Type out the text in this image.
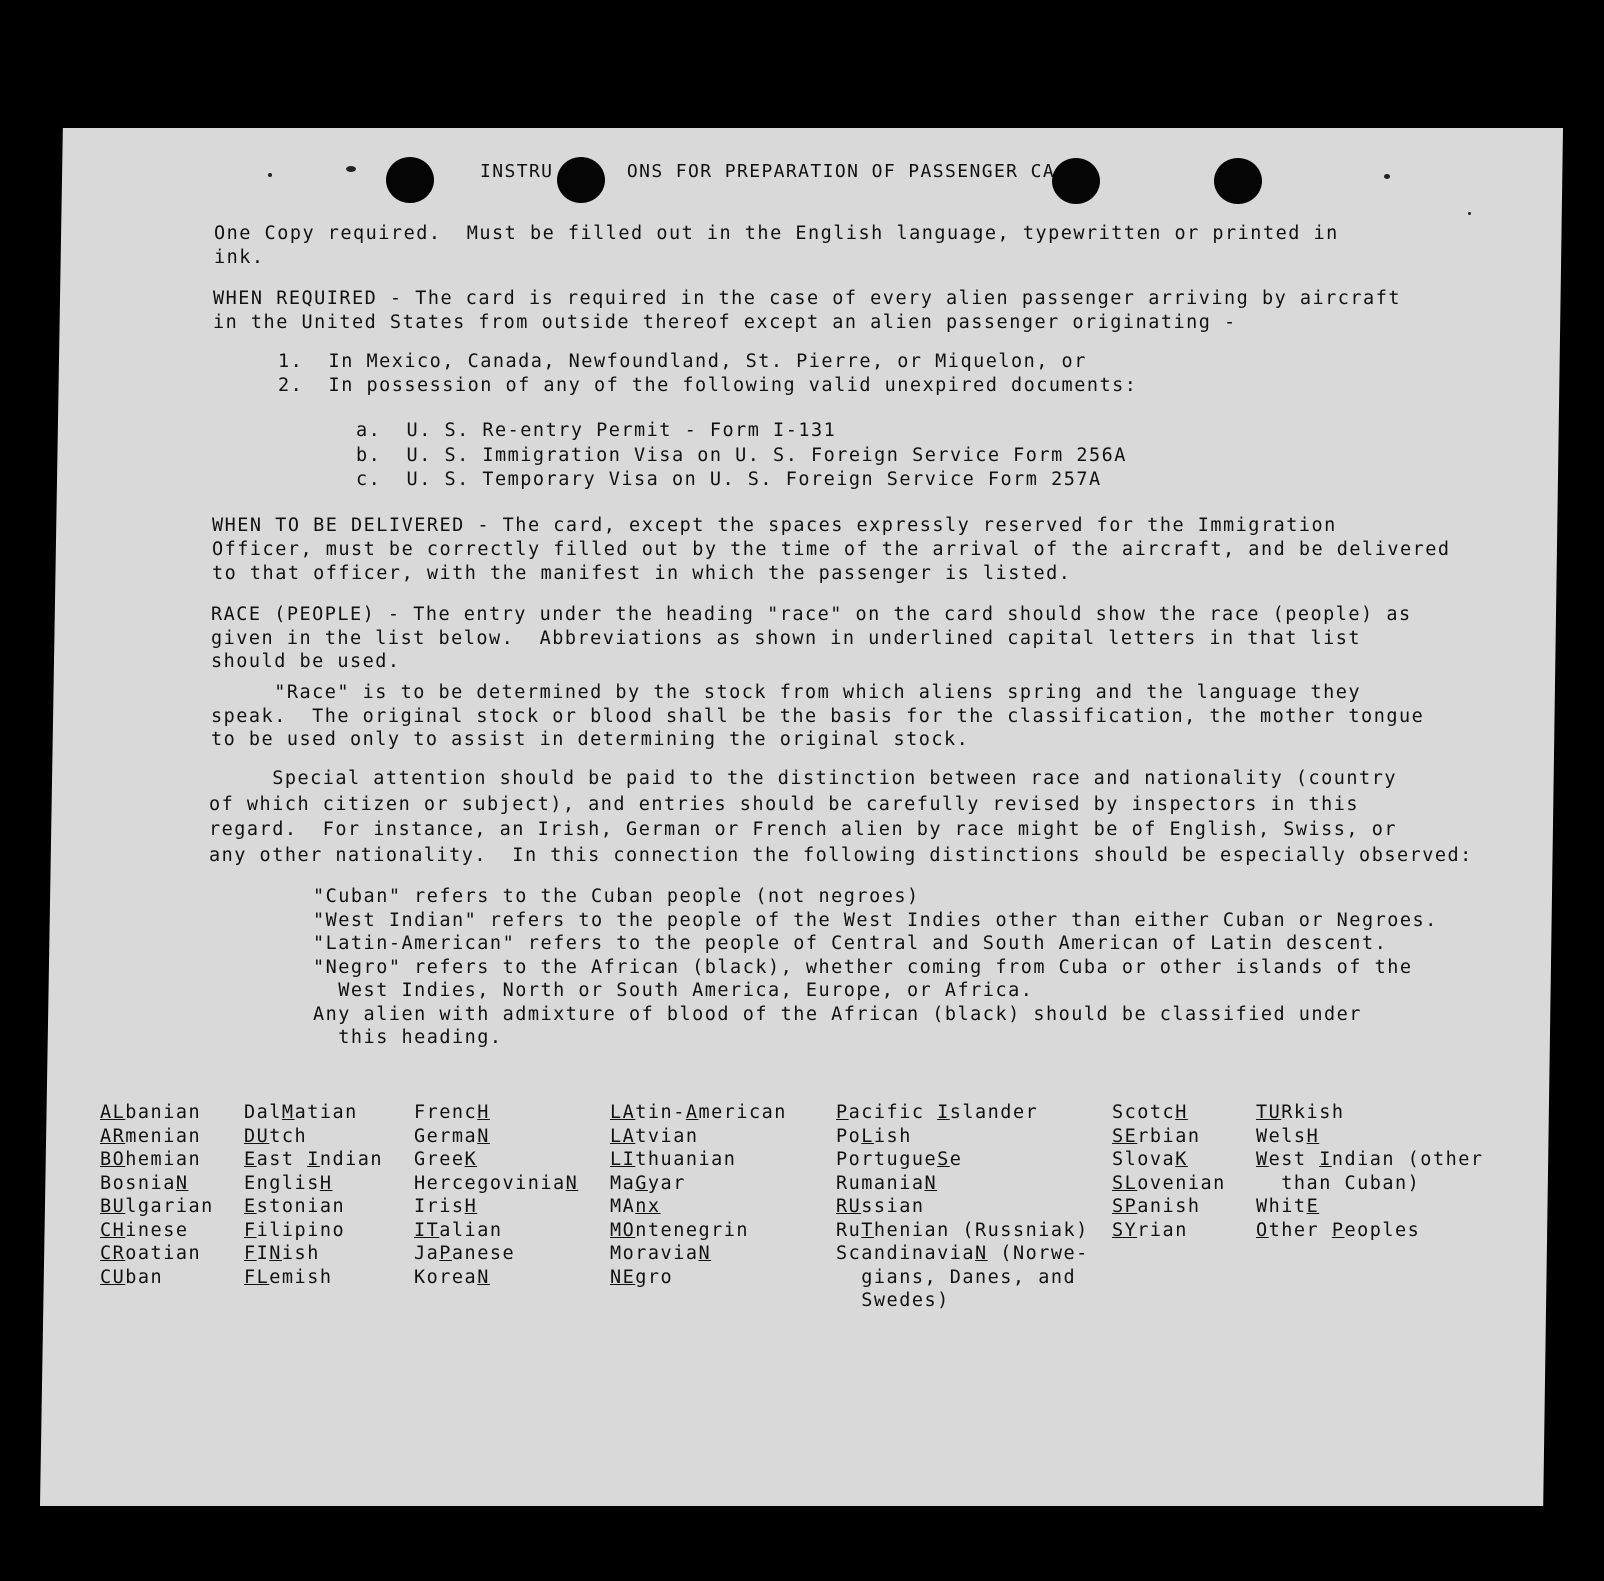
INSTRU      ONS FOR PREPARATION OF PASSENGER CA
One Copy required.  Must be filled out in the English language, typewritten or printed in
ink.
WHEN REQUIRED - The card is required in the case of every alien passenger arriving by aircraft
in the United States from outside thereof except an alien passenger originating -
1.  In Mexico, Canada, Newfoundland, St. Pierre, or Miquelon, or
2.  In possession of any of the following valid unexpired documents:
a.  U. S. Re-entry Permit - Form I-131
b.  U. S. Immigration Visa on U. S. Foreign Service Form 256A
c.  U. S. Temporary Visa on U. S. Foreign Service Form 257A
WHEN TO BE DELIVERED - The card, except the spaces expressly reserved for the Immigration
Officer, must be correctly filled out by the time of the arrival of the aircraft, and be delivered
to that officer, with the manifest in which the passenger is listed.
RACE (PEOPLE) - The entry under the heading "race" on the card should show the race (people) as
given in the list below.  Abbreviations as shown in underlined capital letters in that list
should be used.
"Race" is to be determined by the stock from which aliens spring and the language they
speak.  The original stock or blood shall be the basis for the classification, the mother tongue
to be used only to assist in determining the original stock.
Special attention should be paid to the distinction between race and nationality (country
of which citizen or subject), and entries should be carefully revised by inspectors in this
regard.  For instance, an Irish, German or French alien by race might be of English, Swiss, or
any other nationality.  In this connection the following distinctions should be especially observed:
"Cuban" refers to the Cuban people (not negroes)
"West Indian" refers to the people of the West Indies other than either Cuban or Negroes.
"Latin-American" refers to the people of Central and South American of Latin descent.
"Negro" refers to the African (black), whether coming from Cuba or other islands of the
West Indies, North or South America, Europe, or Africa.
Any alien with admixture of blood of the African (black) should be classified under
this heading.
ALbanian
ARmenian
BOhemian
BosniaN
BUlgarian
CHinese
CRoatian
CUban
DalMatian
DUtch
East Indian
EnglisH
Estonian
Filipino
FINish
FLemish
FrencH
GermaN
GreeK
HercegoviniaN
IrisH
ITalian
JaPanese
KoreaN
LAtin-American
LAtvian
LIthuanian
MaGyar
MAnx
MOntenegrin
MoraviaN
NEgro
Pacific Islander
PoLish
PortugueSe
RumaniaN
RUssian
RuThenian (Russniak)
ScandinaviaN (Norwe-
gians, Danes, and
Swedes)
ScotcH
SErbian
SlovaK
SLovenian
SPanish
SYrian
TURkish
WelsH
West Indian (other
than Cuban)
WhitE
Other Peoples
